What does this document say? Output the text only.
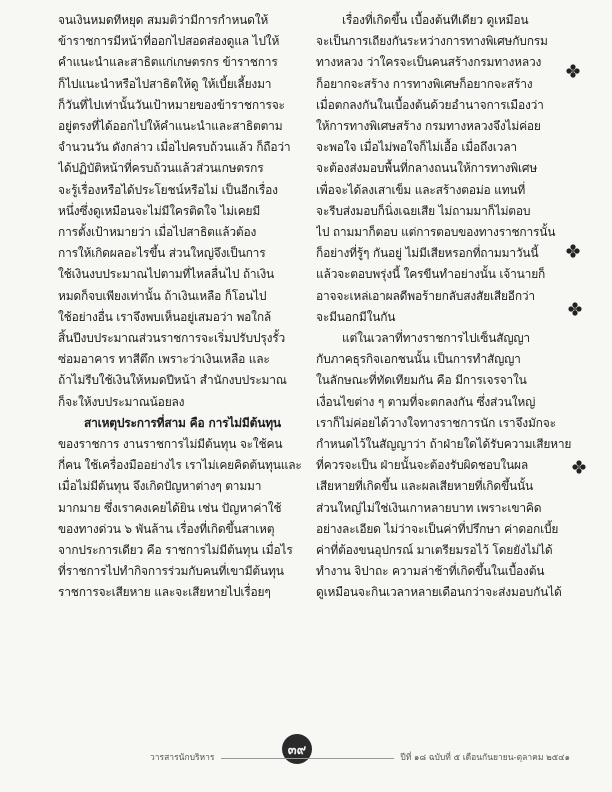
จนเงินหมดทีหยุด สมมติว่ามีการกำหนดให้
ข้าราชการมีหน้าที่ออกไปสอดส่องดูแล ไปให้
คำแนะนำและสาธิตแก่เกษตรกร ข้าราชการ
ก็ไปแนะนำหรือไปสาธิตให้ดู ให้เบี้ยเลี้ยงมา
ก็วันที่ไปเท่านั้นวันเป้าหมายของข้าราชการจะ
อยู่ตรงที่ได้ออกไปให้คำแนะนำและสาธิตตาม
จำนวนวัน ดังกล่าว เมื่อไปครบถ้วนแล้ว ก็ถือว่า
ได้ปฏิบัติหน้าที่ครบถ้วนแล้วส่วนเกษตรกร
จะรู้เรื่องหรือได้ประโยชน์หรือไม่ เป็นอีกเรื่อง
หนึ่งซึ่งดูเหมือนจะไม่มีใครติดใจ ไม่เคยมี
การตั้งเป้าหมายว่า เมื่อไปสาธิตแล้วต้อง
การให้เกิดผลอะไรขึ้น ส่วนใหญ่จึงเป็นการ
ใช้เงินงบประมาณไปตามที่ไหลลื่นไป ถ้าเงิน
หมดก็จบเพียงเท่านั้น ถ้าเงินเหลือ ก็โอนไป
ใช้อย่างอื่น เราจึงพบเห็นอยู่เสมอว่า พอใกล้
สิ้นปีงบประมาณส่วนราชการจะเริ่มปรับปรุงรั้ว
ซ่อมอาคาร ทาสีตึก เพราะว่าเงินเหลือ และ
ถ้าไม่รีบใช้เงินให้หมดปีหน้า สำนักงบประมาณ
ก็จะให้งบประมาณน้อยลง
สาเหตุประการที่สาม คือ การไม่มีต้นทุน
ของราชการ งานราชการไม่มีต้นทุน จะใช้คน
กี่คน ใช้เครื่องมืออย่างไร เราไม่เคยคิดต้นทุนและ
เมื่อไม่มีต้นทุน จึงเกิดปัญหาต่างๆ ตามมา
มากมาย ซึ่งเราคงเคยได้ยิน เช่น ปัญหาค่าใช้
ของทางด่วน ๖ พันล้าน เรื่องที่เกิดขึ้นสาเหตุ
จากประการเดียว คือ ราชการไม่มีต้นทุน เมื่อไร
ที่ราชการไปทำกิจการร่วมกับคนที่เขามีต้นทุน
ราชการจะเสียหาย และจะเสียหายไปเรื่อยๆ
เรื่องที่เกิดขึ้น เบื้องต้นทีเดียว ดูเหมือน
จะเป็นการเถียงกันระหว่างการทางพิเศษกับกรม
ทางหลวง ว่าใครจะเป็นคนสร้างกรมทางหลวง
ก็อยากจะสร้าง การทางพิเศษก็อยากจะสร้าง
เมื่อตกลงกันในเบื้องต้นด้วยอำนาจการเมืองว่า
ให้การทางพิเศษสร้าง กรมทางหลวงจึงไม่ค่อย
จะพอใจ เมื่อไม่พอใจก็ไม่เอื้อ เมื่อถึงเวลา
จะต้องส่งมอบพื้นที่กลางถนนให้การทางพิเศษ
เพื่อจะได้ลงเสาเข็ม และสร้างตอม่อ แทนที่
จะรีบส่งมอบก็นิ่งเฉยเสีย ไม่ถามมาก็ไม่ตอบ
ไป ถามมาก็ตอบ แต่การตอบของทางราชการนั้น
ก็อย่างที่รู้ๆ กันอยู่ ไม่มีเสียหรอกที่ถามมาวันนี้
แล้วจะตอบพรุ่งนี้ ใครขีนทำอย่างนั้น เจ้านายก็
อาจจะเหล่เอาผลดีพอร้ายกลับสงสัยเสียอีกว่า
จะมีนอกมีในกัน
แต่ในเวลาที่ทางราชการไปเซ็นสัญญา
กับภาคธุรกิจเอกชนนั้น เป็นการทำสัญญา
ในลักษณะที่ทัดเทียมกัน คือ มีการเจรจาใน
เงื่อนไขต่าง ๆ ตามที่จะตกลงกัน ซึ่งส่วนใหญ่
เราก็ไม่ค่อยได้วางใจทางราชการนัก เราจึงมักจะ
กำหนดไว้ในสัญญาว่า ถ้าฝ่ายใดได้รับความเสียหาย
ที่ควรจะเป็น ฝ่ายนั้นจะต้องรับผิดชอบในผล
เสียหายที่เกิดขึ้น และผลเสียหายที่เกิดขึ้นนั้น
ส่วนใหญ่ไม่ใช่เงินเกาหลายบาท เพราะเขาคิด
อย่างละเอียด ไม่ว่าจะเป็นค่าที่ปรึกษา ค่าดอกเบี้ย
ค่าที่ต้องขนอุปกรณ์ มาเตรียมรอไว้ โดยยังไม่ได้
ทำงาน จิปาถะ ความล่าช้าที่เกิดขึ้นในเบื้องต้น
ดูเหมือนจะกินเวลาหลายเดือนกว่าจะส่งมอบกันได้
๓๙
วารสารนักบริหาร	ปีที่ ๑๘ ฉบับที่ ๕ เดือนกันยายน-ตุลาคม ๒๕๔๑
